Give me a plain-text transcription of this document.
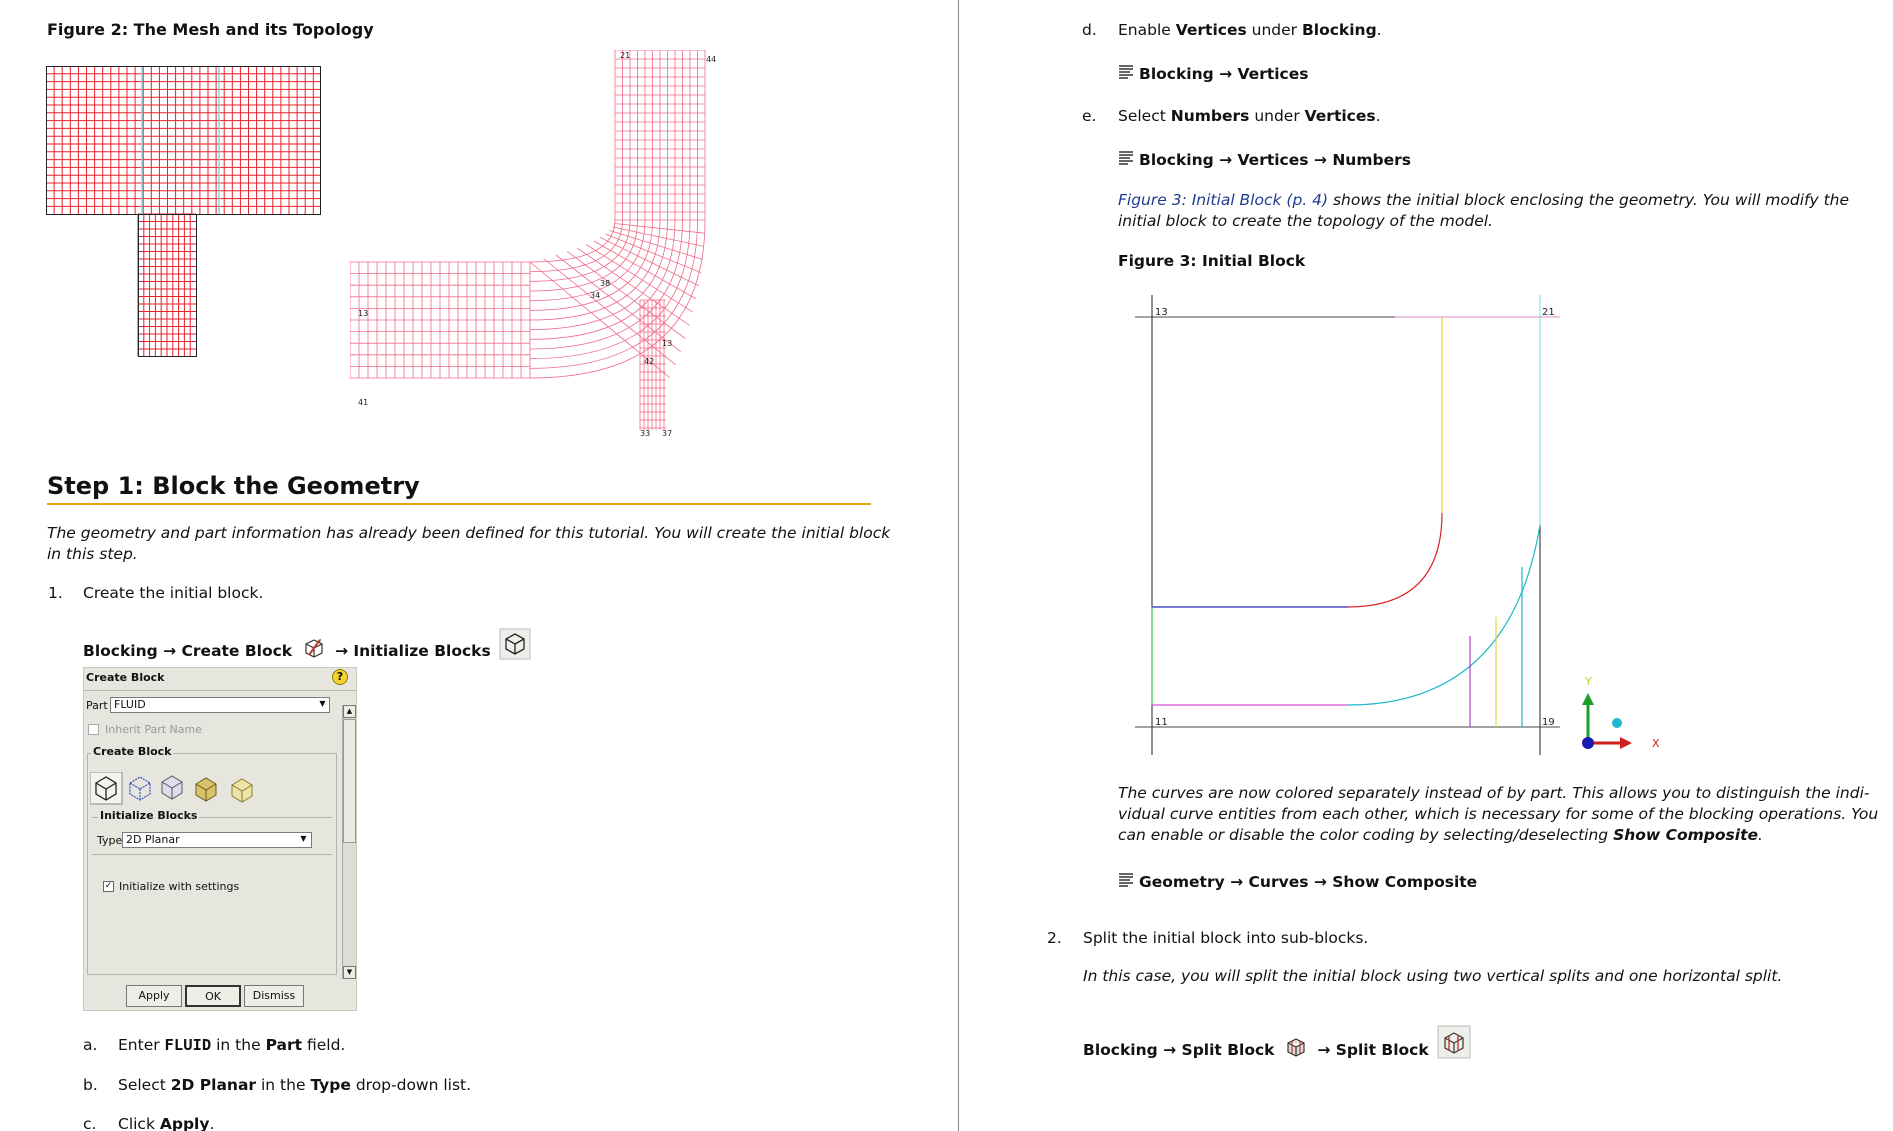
Figure 2: The Mesh and its Topology
21	44
38
34
13
41
13
42
33 37
Step 1: Block the Geometry
The geometry and part information has already been defined for this tutorial. You will create the initial block
in this step.
1. Create the initial block.
Blocking → Create Block	→ Initialize Blocks
Create Block	?
Part FLUID	▼
Inherit Part Name
Create Block
Initialize Blocks
Type 2D Planar	▼
✓ Initialize with settings
▲
▼
Apply	OK	Dismiss
a. Enter FLUID in the Part field.
b. Select 2D Planar in the Type drop-down list.
c. Click Apply.
d. Enable Vertices under Blocking.
Blocking → Vertices
e. Select Numbers under Vertices.
Blocking → Vertices → Numbers
Figure 3: Initial Block (p. 4) shows the initial block enclosing the geometry. You will modify the
initial block to create the topology of the model.
Figure 3: Initial Block
13	21
11	19
Y
X
The curves are now colored separately instead of by part. This allows you to distinguish the indi-
vidual curve entities from each other, which is necessary for some of the blocking operations. You
can enable or disable the color coding by selecting/deselecting Show Composite.
Geometry → Curves → Show Composite
2. Split the initial block into sub-blocks.
In this case, you will split the initial block using two vertical splits and one horizontal split.
Blocking → Split Block	→ Split Block
